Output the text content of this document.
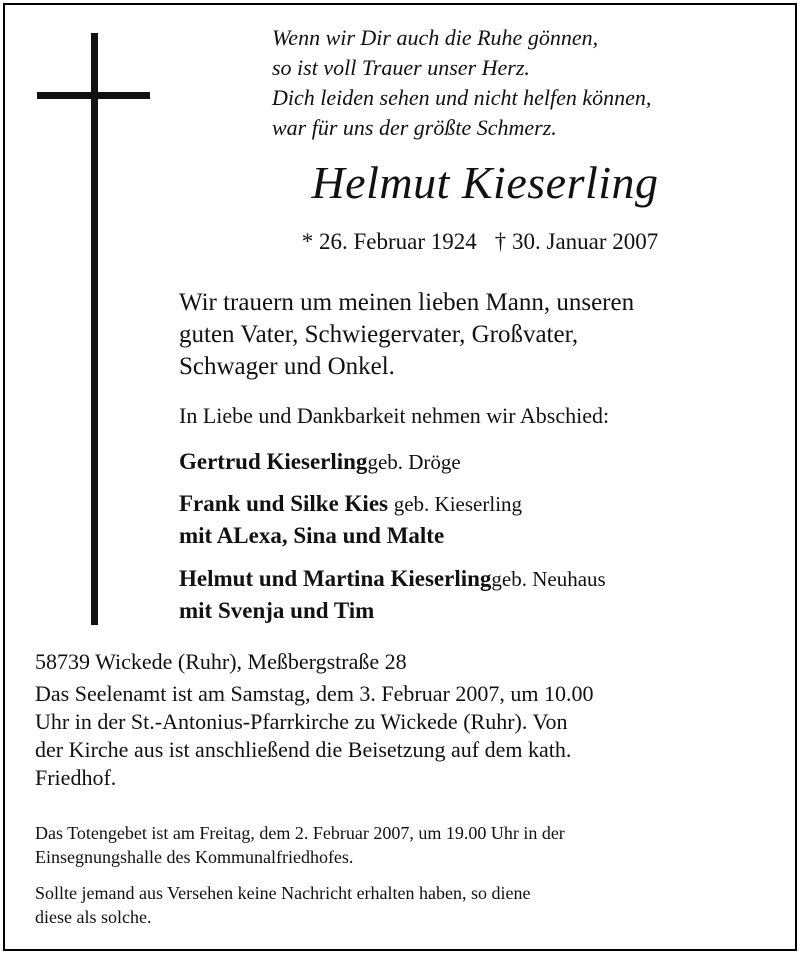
Wenn wir Dir auch die Ruhe gönnen,
so ist voll Trauer unser Herz.
Dich leiden sehen und nicht helfen können,
war für uns der größte Schmerz.
Helmut Kieserling
* 26. Februar 1924 † 30. Januar 2007
Wir trauern um meinen lieben Mann, unseren
guten Vater, Schwiegervater, Großvater,
Schwager und Onkel.
In Liebe und Dankbarkeit nehmen wir Abschied:
Gertrud Kieserlinggeb. Dröge
Frank und Silke Kies geb. Kieserling
mit ALexa, Sina und Malte
Helmut und Martina Kieserlinggeb. Neuhaus
mit Svenja und Tim
58739 Wickede (Ruhr), Meßbergstraße 28
Das Seelenamt ist am Samstag, dem 3. Februar 2007, um 10.00
Uhr in der St.-Antonius-Pfarrkirche zu Wickede (Ruhr). Von
der Kirche aus ist anschließend die Beisetzung auf dem kath.
Friedhof.
Das Totengebet ist am Freitag, dem 2. Februar 2007, um 19.00 Uhr in der
Einsegnungshalle des Kommunalfriedhofes.
Sollte jemand aus Versehen keine Nachricht erhalten haben, so diene
diese als solche.
